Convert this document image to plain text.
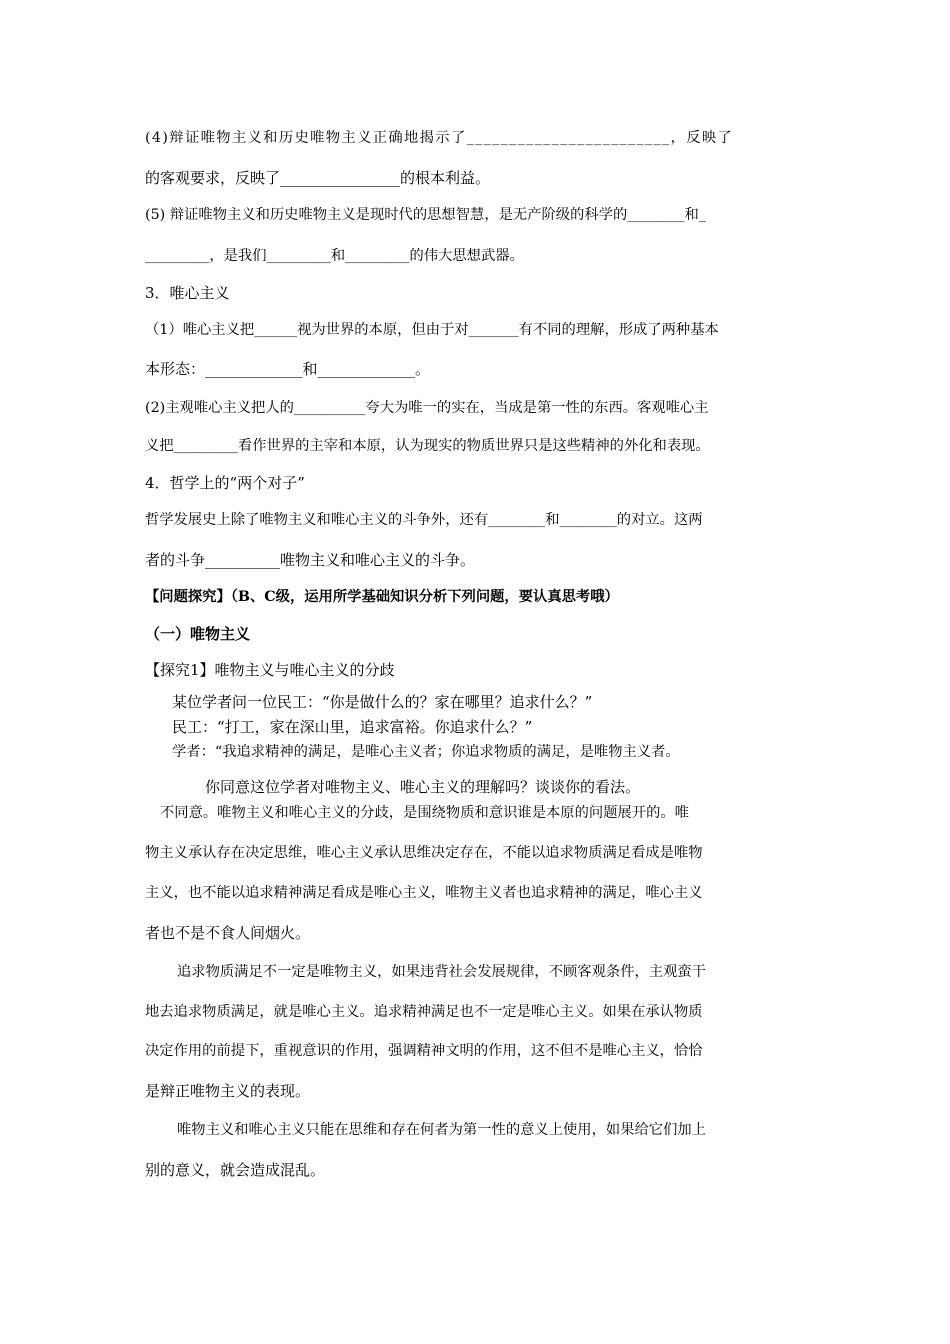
(4)辩证唯物主义和历史唯物主义正确地揭示了________________________，反映了
的客观要求，反映了________________的根本利益。
(5) 辩证唯物主义和历史唯物主义是现时代的思想智慧，是无产阶级的科学的________和_
_________，是我们_________和_________的伟大思想武器。
3．唯心主义
（1）唯心主义把______视为世界的本原，但由于对_______有不同的理解，形成了两种基本
本形态：_____________和_____________。
(2)主观唯心主义把人的__________夸大为唯一的实在，当成是第一性的东西。客观唯心主
义把_________看作世界的主宰和本原，认为现实的物质世界只是这些精神的外化和表现。
4．哲学上的“两个对子”
哲学发展史上除了唯物主义和唯心主义的斗争外，还有________和________的对立。这两
者的斗争__________唯物主义和唯心主义的斗争。
【问题探究】（B、C级，运用所学基础知识分析下列问题，要认真思考哦）
（一）唯物主义
【探究1】唯物主义与唯心主义的分歧
某位学者问一位民工：“你是做什么的？家在哪里？追求什么？”
民工：“打工，家在深山里，追求富裕。你追求什么？”
学者：“我追求精神的满足，是唯心主义者；你追求物质的满足，是唯物主义者。
你同意这位学者对唯物主义、唯心主义的理解吗？谈谈你的看法。
不同意。唯物主义和唯心主义的分歧，是围绕物质和意识谁是本原的问题展开的。唯
物主义承认存在决定思维，唯心主义承认思维决定存在，不能以追求物质满足看成是唯物
主义，也不能以追求精神满足看成是唯心主义，唯物主义者也追求精神的满足，唯心主义
者也不是不食人间烟火。
追求物质满足不一定是唯物主义，如果违背社会发展规律，不顾客观条件，主观蛮干
地去追求物质满足，就是唯心主义。追求精神满足也不一定是唯心主义。如果在承认物质
决定作用的前提下，重视意识的作用，强调精神文明的作用，这不但不是唯心主义，恰恰
是辩正唯物主义的表现。
唯物主义和唯心主义只能在思维和存在何者为第一性的意义上使用，如果给它们加上
别的意义，就会造成混乱。
